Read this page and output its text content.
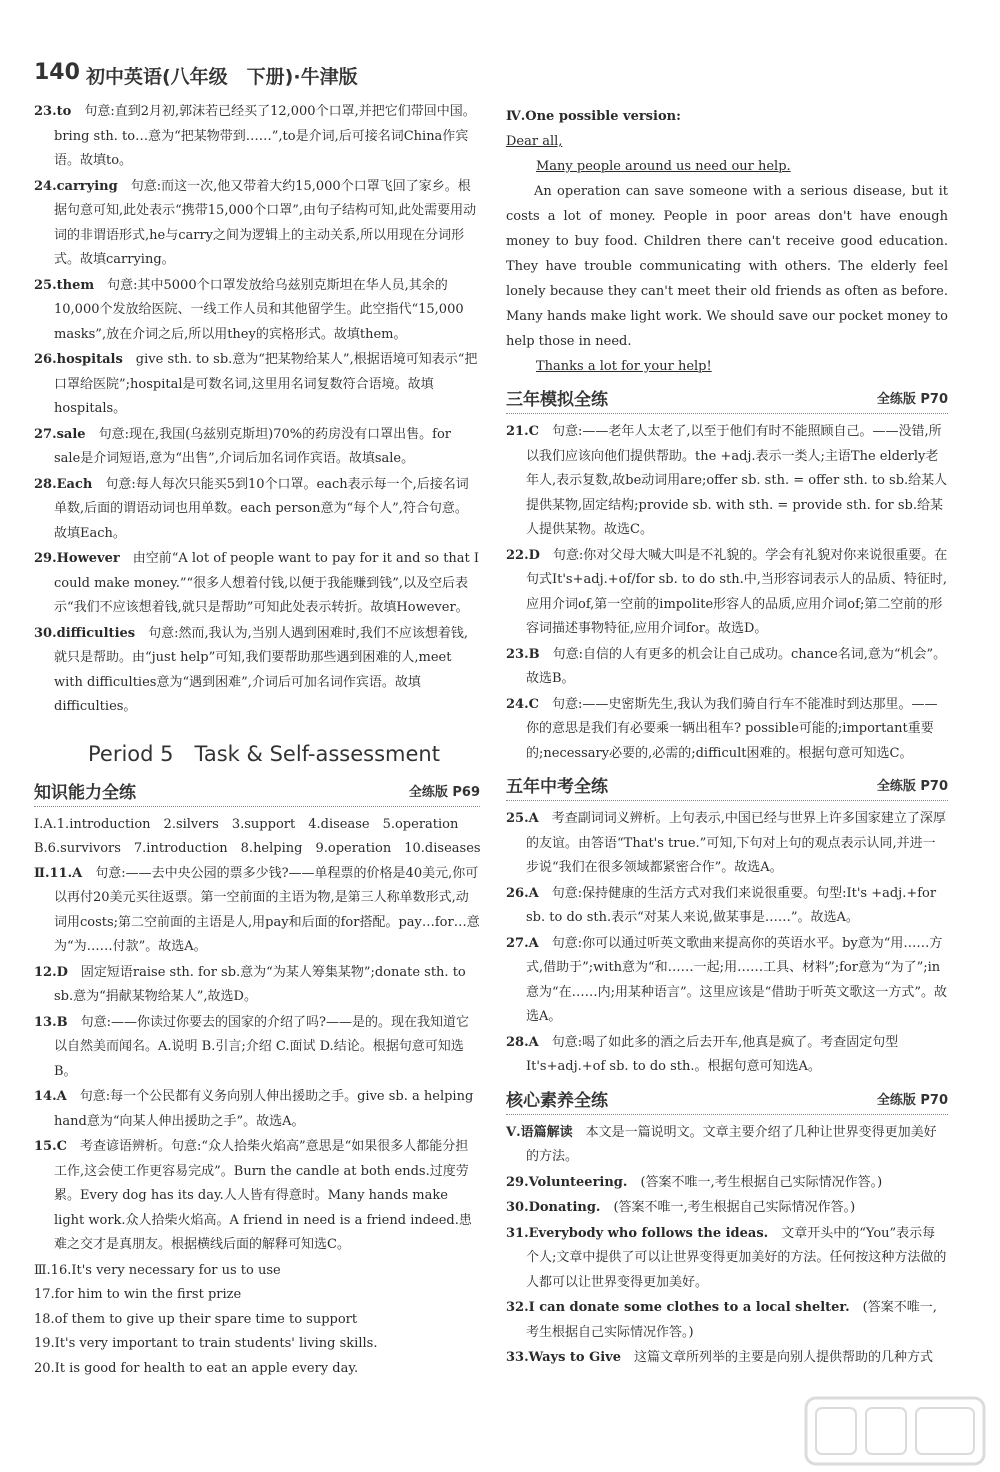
140 初中英语(八年级　下册)·牛津版
23.to　 句意:直到2月初,郭沫若已经买了12,000个口罩,并把它们带回中国。bring sth. to…意为“把某物带到……”,to是介词,后可接名词China作宾语。故填to。
24.carrying　 句意:而这一次,他又带着大约15,000个口罩飞回了家乡。根据句意可知,此处表示“携带15,000个口罩”,由句子结构可知,此处需要用动词的非谓语形式,he与carry之间为逻辑上的主动关系,所以用现在分词形式。故填carrying。
25.them　 句意:其中5000个口罩发放给乌兹别克斯坦在华人员,其余的10,000个发放给医院、一线工作人员和其他留学生。此空指代“15,000 masks”,放在介词之后,所以用they的宾格形式。故填them。
26.hospitals　 give sth. to sb.意为“把某物给某人”,根据语境可知表示“把口罩给医院”;hospital是可数名词,这里用名词复数符合语境。故填hospitals。
27.sale　 句意:现在,我国(乌兹别克斯坦)70%的药房没有口罩出售。for sale是介词短语,意为“出售”,介词后加名词作宾语。故填sale。
28.Each　 句意:每人每次只能买5到10个口罩。each表示每一个,后接名词单数,后面的谓语动词也用单数。each person意为“每个人”,符合句意。故填Each。
29.However　 由空前“A lot of people want to pay for it and so that I could make money.”“很多人想着付钱,以便于我能赚到钱”,以及空后表示“我们不应该想着钱,就只是帮助”可知此处表示转折。故填However。
30.difficulties　 句意:然而,我认为,当别人遇到困难时,我们不应该想着钱,就只是帮助。由“just help”可知,我们要帮助那些遇到困难的人,meet with difficulties意为“遇到困难”,介词后可加名词作宾语。故填difficulties。
Period 5　Task & Self-assessment
知识能力全练	全练版 P69
Ⅰ.A.1.introduction　2.silvers　3.support　4.disease　5.operation
B.6.survivors　7.introduction　8.helping　9.operation　10.diseases
Ⅱ.11.A　 句意:——去中央公园的票多少钱?——单程票的价格是40美元,你可以再付20美元买往返票。第一空前面的主语为物,是第三人称单数形式,动词用costs;第二空前面的主语是人,用pay和后面的for搭配。pay…for…意为“为……付款”。故选A。
12.D　 固定短语raise sth. for sb.意为“为某人筹集某物”;donate sth. to sb.意为“捐献某物给某人”,故选D。
13.B　 句意:——你读过你要去的国家的介绍了吗?——是的。现在我知道它以自然美而闻名。A.说明 B.引言;介绍 C.面试 D.结论。根据句意可知选B。
14.A　 句意:每一个公民都有义务向别人伸出援助之手。give sb. a helping hand意为“向某人伸出援助之手”。故选A。
15.C　 考查谚语辨析。句意:“众人拾柴火焰高”意思是“如果很多人都能分担工作,这会使工作更容易完成”。Burn the candle at both ends.过度劳累。Every dog has its day.人人皆有得意时。Many hands make light work.众人拾柴火焰高。A friend in need is a friend indeed.患难之交才是真朋友。根据横线后面的解释可知选C。
Ⅲ.16.It's very necessary for us to use
17.for him to win the first prize
18.of them to give up their spare time to support
19.It's very important to train students' living skills.
20.It is good for health to eat an apple every day.
Ⅳ.One possible version:
Dear all,
Many people around us need our help.
An operation can save someone with a serious disease, but it costs a lot of money. People in poor areas don't have enough money to buy food. Children there can't receive good education. They have trouble communicating with others. The elderly feel lonely because they can't meet their old friends as often as before. Many hands make light work. We should save our pocket money to help those in need.
Thanks a lot for your help!
三年模拟全练	全练版 P70
21.C　 句意:——老年人太老了,以至于他们有时不能照顾自己。——没错,所以我们应该向他们提供帮助。the +adj.表示一类人;主语The elderly老年人,表示复数,故be动词用are;offer sb. sth. = offer sth. to sb.给某人提供某物,固定结构;provide sb. with sth. = provide sth. for sb.给某人提供某物。故选C。
22.D　 句意:你对父母大喊大叫是不礼貌的。学会有礼貌对你来说很重要。在句式It's+adj.+of/for sb. to do sth.中,当形容词表示人的品质、特征时,应用介词of,第一空前的impolite形容人的品质,应用介词of;第二空前的形容词描述事物特征,应用介词for。故选D。
23.B　 句意:自信的人有更多的机会让自己成功。chance名词,意为“机会”。故选B。
24.C　 句意:——史密斯先生,我认为我们骑自行车不能准时到达那里。——你的意思是我们有必要乘一辆出租车? possible可能的;important重要的;necessary必要的,必需的;difficult困难的。根据句意可知选C。
五年中考全练	全练版 P70
25.A　 考查副词词义辨析。上句表示,中国已经与世界上许多国家建立了深厚的友谊。由答语“That's true.”可知,下句对上句的观点表示认同,并进一步说“我们在很多领域都紧密合作”。故选A。
26.A　 句意:保持健康的生活方式对我们来说很重要。句型:It's +adj.+for sb. to do sth.表示“对某人来说,做某事是……”。故选A。
27.A　 句意:你可以通过听英文歌曲来提高你的英语水平。by意为“用……方式,借助于”;with意为“和……一起;用……工具、材料”;for意为“为了”;in意为“在……内;用某种语言”。这里应该是“借助于听英文歌这一方式”。故选A。
28.A　 句意:喝了如此多的酒之后去开车,他真是疯了。考查固定句型It's+adj.+of sb. to do sth.。根据句意可知选A。
核心素养全练	全练版 P70
Ⅴ.语篇解读　 本文是一篇说明文。文章主要介绍了几种让世界变得更加美好的方法。
29.Volunteering.　 (答案不唯一,考生根据自己实际情况作答。)
30.Donating.　 (答案不唯一,考生根据自己实际情况作答。)
31.Everybody who follows the ideas.　 文章开头中的“You”表示每个人;文章中提供了可以让世界变得更加美好的方法。任何按这种方法做的人都可以让世界变得更加美好。
32.I can donate some clothes to a local shelter.　 (答案不唯一,考生根据自己实际情况作答。)
33.Ways to Give　 这篇文章所列举的主要是向别人提供帮助的几种方式
